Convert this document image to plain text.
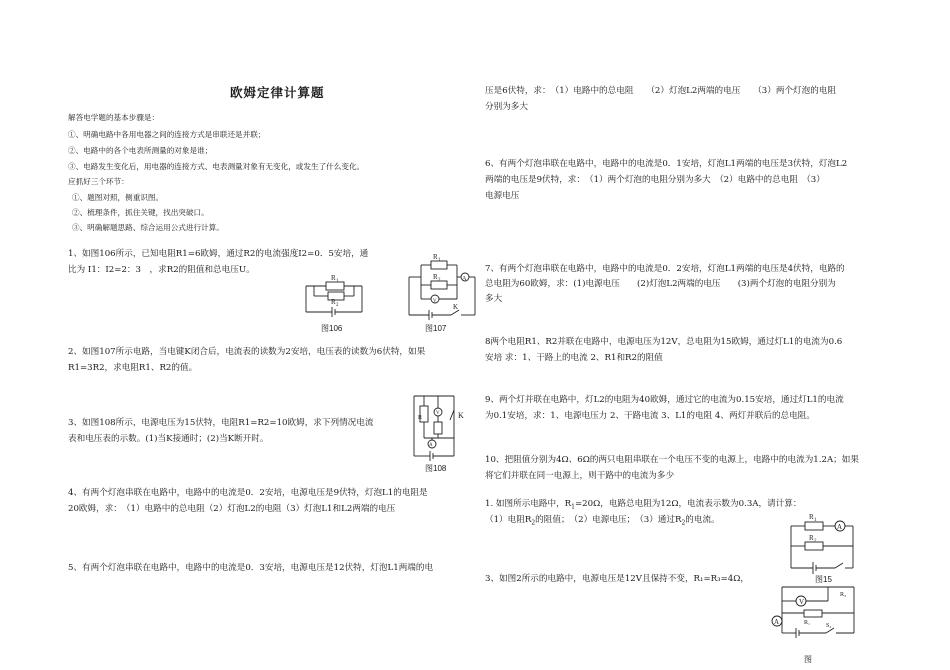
欧姆定律计算题
解答电学题的基本步骤是：
①、明确电路中各用电器之间的连接方式是串联还是并联；
②、电路中的各个电表所测量的对象是谁；
③、电路发生变化后，用电器的连接方式、电表测量对象有无变化，或发生了什么变化。
应抓好三个环节：
①、题图对照，侧重识图。
②、梳理条件，抓住关键，找出突破口。
③、明确解题思路、综合运用公式进行计算。
1、如图106所示，已知电阻R1=6欧姆，通过R2的电流强度I2=0．5安培，通
比为 I1：I2=2：3　，求R2的阻值和总电压U。
R 1
R 2
图106
R 1
R 2	A
V
K
图107
2、如图107所示电路，当电键K闭合后，电流表的读数为2安培，电压表的读数为6伏特，如果
R1=3R2，求电阻R1、R2的值。
R
V
A
K
图108
3、如图108所示，电源电压为15伏特，电阻R1=R2=10欧姆，求下列情况电流
表和电压表的示数。(1)当K接通时；(2)当K断开时。
4、有两个灯泡串联在电路中，电路中的电流是0．2安培，电源电压是9伏特，灯泡L1的电阻是
20欧姆，求：　（1）电路中的总电阻（2）灯泡L2的电阻（3）灯泡L1和L2两端的电压
5、有两个灯泡串联在电路中，电路中的电流是0．3安培，电源电压是12伏特，灯泡L1两端的电
压是6伏特，求：　（1）电路中的总电阻　　（2）灯泡L2两端的电压　　（3）两个灯泡的电阻
分别为多大
6、有两个灯泡串联在电路中，电路中的电流是0．1安培，灯泡L1两端的电压是3伏特，灯泡L2
两端的电压是9伏特，求：　（1）两个灯泡的电阻分别为多大　（2）电路中的总电阻　（3）
电源电压
7、有两个灯泡串联在电路中，电路中的电流是0．2安培，灯泡L1两端的电压是4伏特，电路的
总电阻为60欧姆，求：(1)电源电压　　(2)灯泡L2两端的电压　　(3)两个灯泡的电阻分别为
多大
8两个电阻R1、R2并联在电路中，电源电压为12V，总电阻为15欧姆，通过灯L1的电流为0.6
安培 求：1、干路上的电流 2、R1和R2的阻值
9、两个灯并联在电路中，灯L2的电阻为40欧姆，通过它的电流为0.15安培，通过灯L1的电流
为0.1安培，求：1、电源电压力 2、干路电流 3、L1的电阻 4、两灯并联后的总电阻。
10、把阻值分别为4Ω、6Ω的两只电阻串联在一个电压不变的电源上，电路中的电流为1.2A；如果
将它们并联在同一电源上，则干路中的电流为多少
1. 如图所示电路中，$R_1=20\Omega$，电路总电阻为12Ω，电流表示数为0.3A，请计算：
（1）电阻$R_2$的阻值；　（2）电源电压；　（3）通过$R_2$的电流。	R 1
R 2
A
图15
3、如图2所示的电路中，电源电压是12V且保持不变，R₁=R₃=4Ω，
V
A
R₃
R₁	S₂
图
